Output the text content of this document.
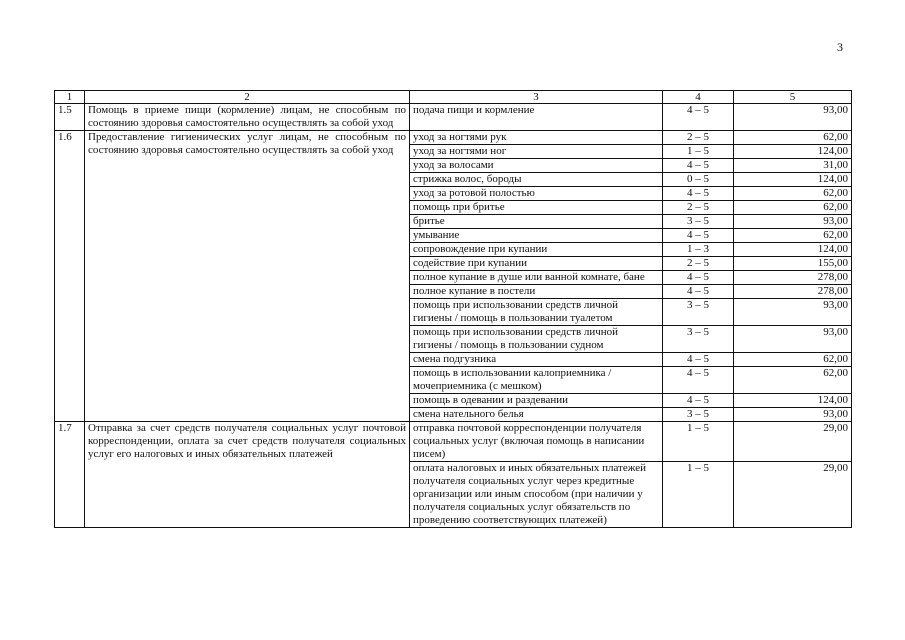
3
1	2	3	4	5
1.5	Помощь в приеме пищи (кормление) лицам, не способным по состоянию здоровья самостоятельно осуществлять за собой уход	подача пищи и кормление	4 – 5	93,00
1.6	Предоставление гигиенических услуг лицам, не способным по состоянию здоровья самостоятельно осуществлять за собой уход	уход за ногтями рук	2 – 5	62,00
		уход за ногтями ног	1 – 5	124,00
		уход за волосами	4 – 5	31,00
		стрижка волос, бороды	0 – 5	124,00
		уход за ротовой полостью	4 – 5	62,00
		помощь при бритье	2 – 5	62,00
		бритье	3 – 5	93,00
		умывание	4 – 5	62,00
		сопровождение при купании	1 – 3	124,00
		содействие при купании	2 – 5	155,00
		полное купание в душе или ванной комнате, бане	4 – 5	278,00
		полное купание в постели	4 – 5	278,00
		помощь при использовании средств личной гигиены / помощь в пользовании туалетом	3 – 5	93,00
		помощь при использовании средств личной гигиены / помощь в пользовании судном	3 – 5	93,00
		смена подгузника	4 – 5	62,00
		помощь в использовании калоприемника / мочеприемника (с мешком)	4 – 5	62,00
		помощь в одевании и раздевании	4 – 5	124,00
		смена нательного белья	3 – 5	93,00
1.7	Отправка за счет средств получателя социальных услуг почтовой корреспонденции, оплата за счет средств получателя социальных услуг его налоговых и иных обязательных платежей	отправка почтовой корреспонденции получателя социальных услуг (включая помощь в написании писем)	1 – 5	29,00
		оплата налоговых и иных обязательных платежей получателя социальных услуг через кредитные организации или иным способом (при наличии у получателя социальных услуг обязательств по проведению соответствующих платежей)	1 – 5	29,00
